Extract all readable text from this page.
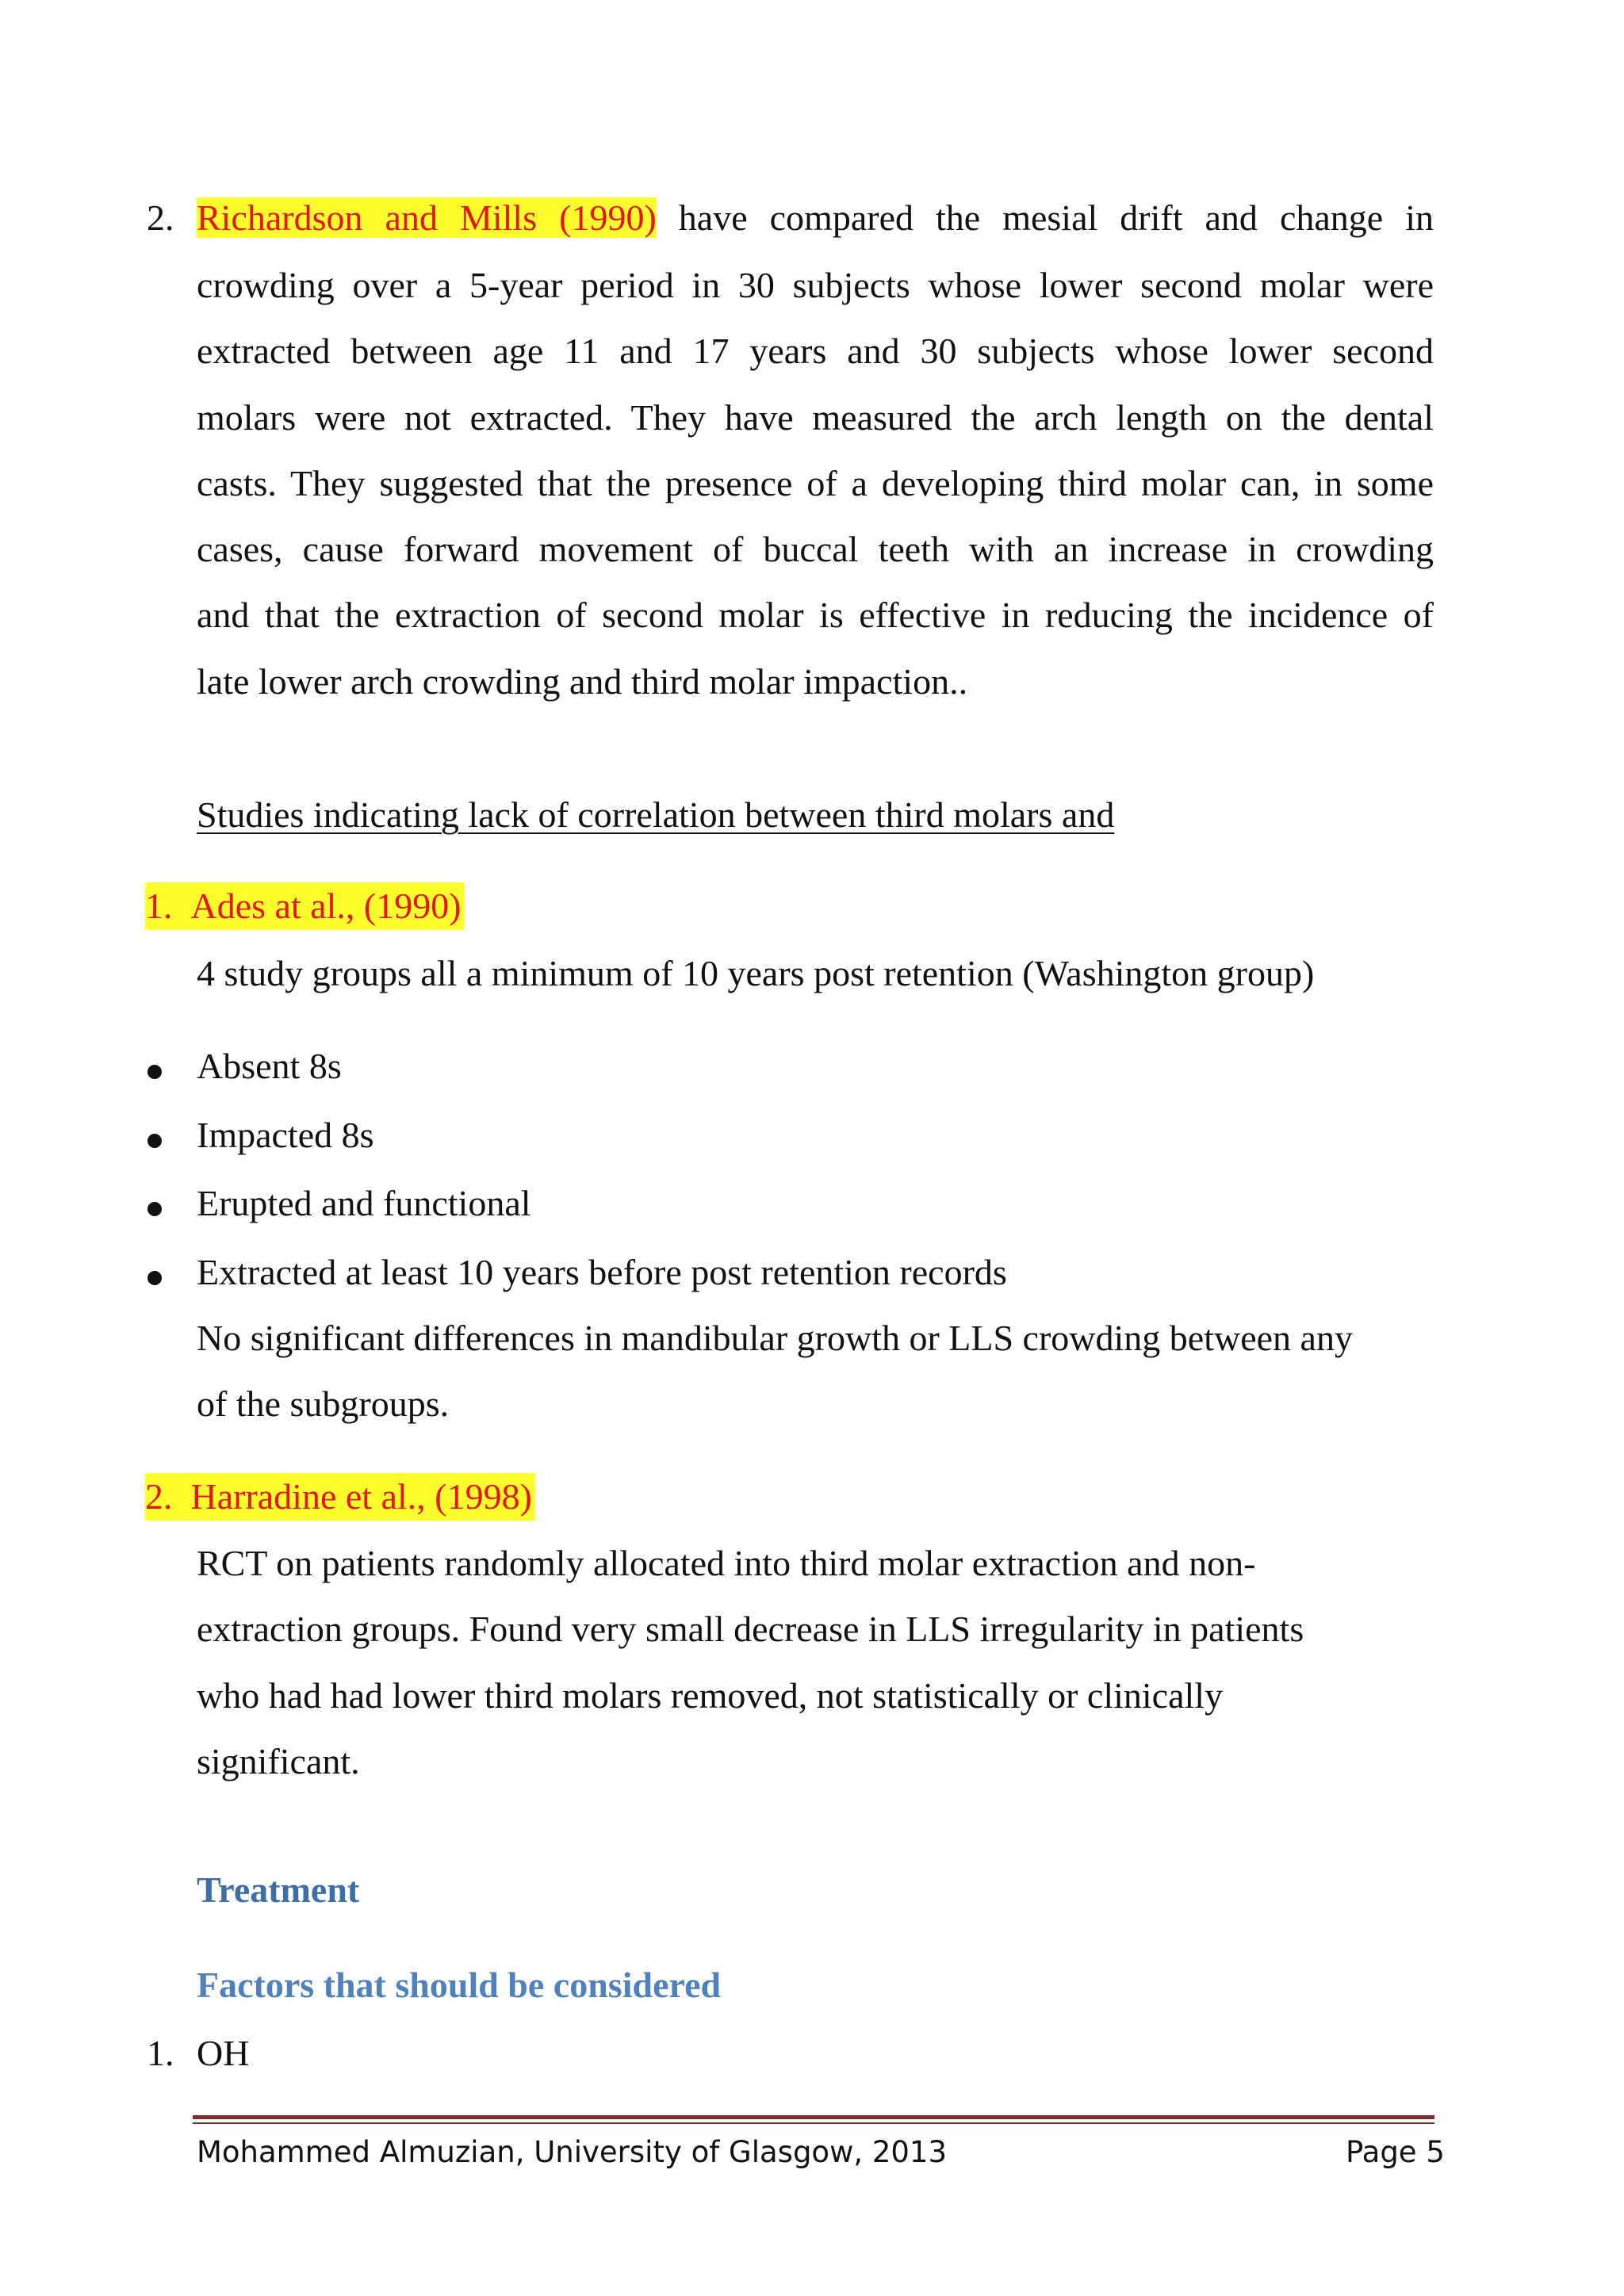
2. Richardson and Mills (1990) have compared the mesial drift and change in
crowding over a 5-year period in 30 subjects whose lower second molar were
extracted between age 11 and 17 years and 30 subjects whose lower second
molars were not extracted. They have measured the arch length on the dental
casts. They suggested that the presence of a developing third molar can, in some
cases, cause forward movement of buccal teeth with an increase in crowding
and that the extraction of second molar is effective in reducing the incidence of
late lower arch crowding and third molar impaction..
Studies indicating lack of correlation between third molars and
1. Ades at al., (1990)
4 study groups all a minimum of 10 years post retention (Washington group)
Absent 8s
Impacted 8s
Erupted and functional
Extracted at least 10 years before post retention records
No significant differences in mandibular growth or LLS crowding between any
of the subgroups.
2. Harradine et al., (1998)
RCT on patients randomly allocated into third molar extraction and non-
extraction groups. Found very small decrease in LLS irregularity in patients
who had had lower third molars removed, not statistically or clinically
significant.
Treatment
Factors that should be considered
1. OH
Mohammed Almuzian, University of Glasgow, 2013	Page 5
